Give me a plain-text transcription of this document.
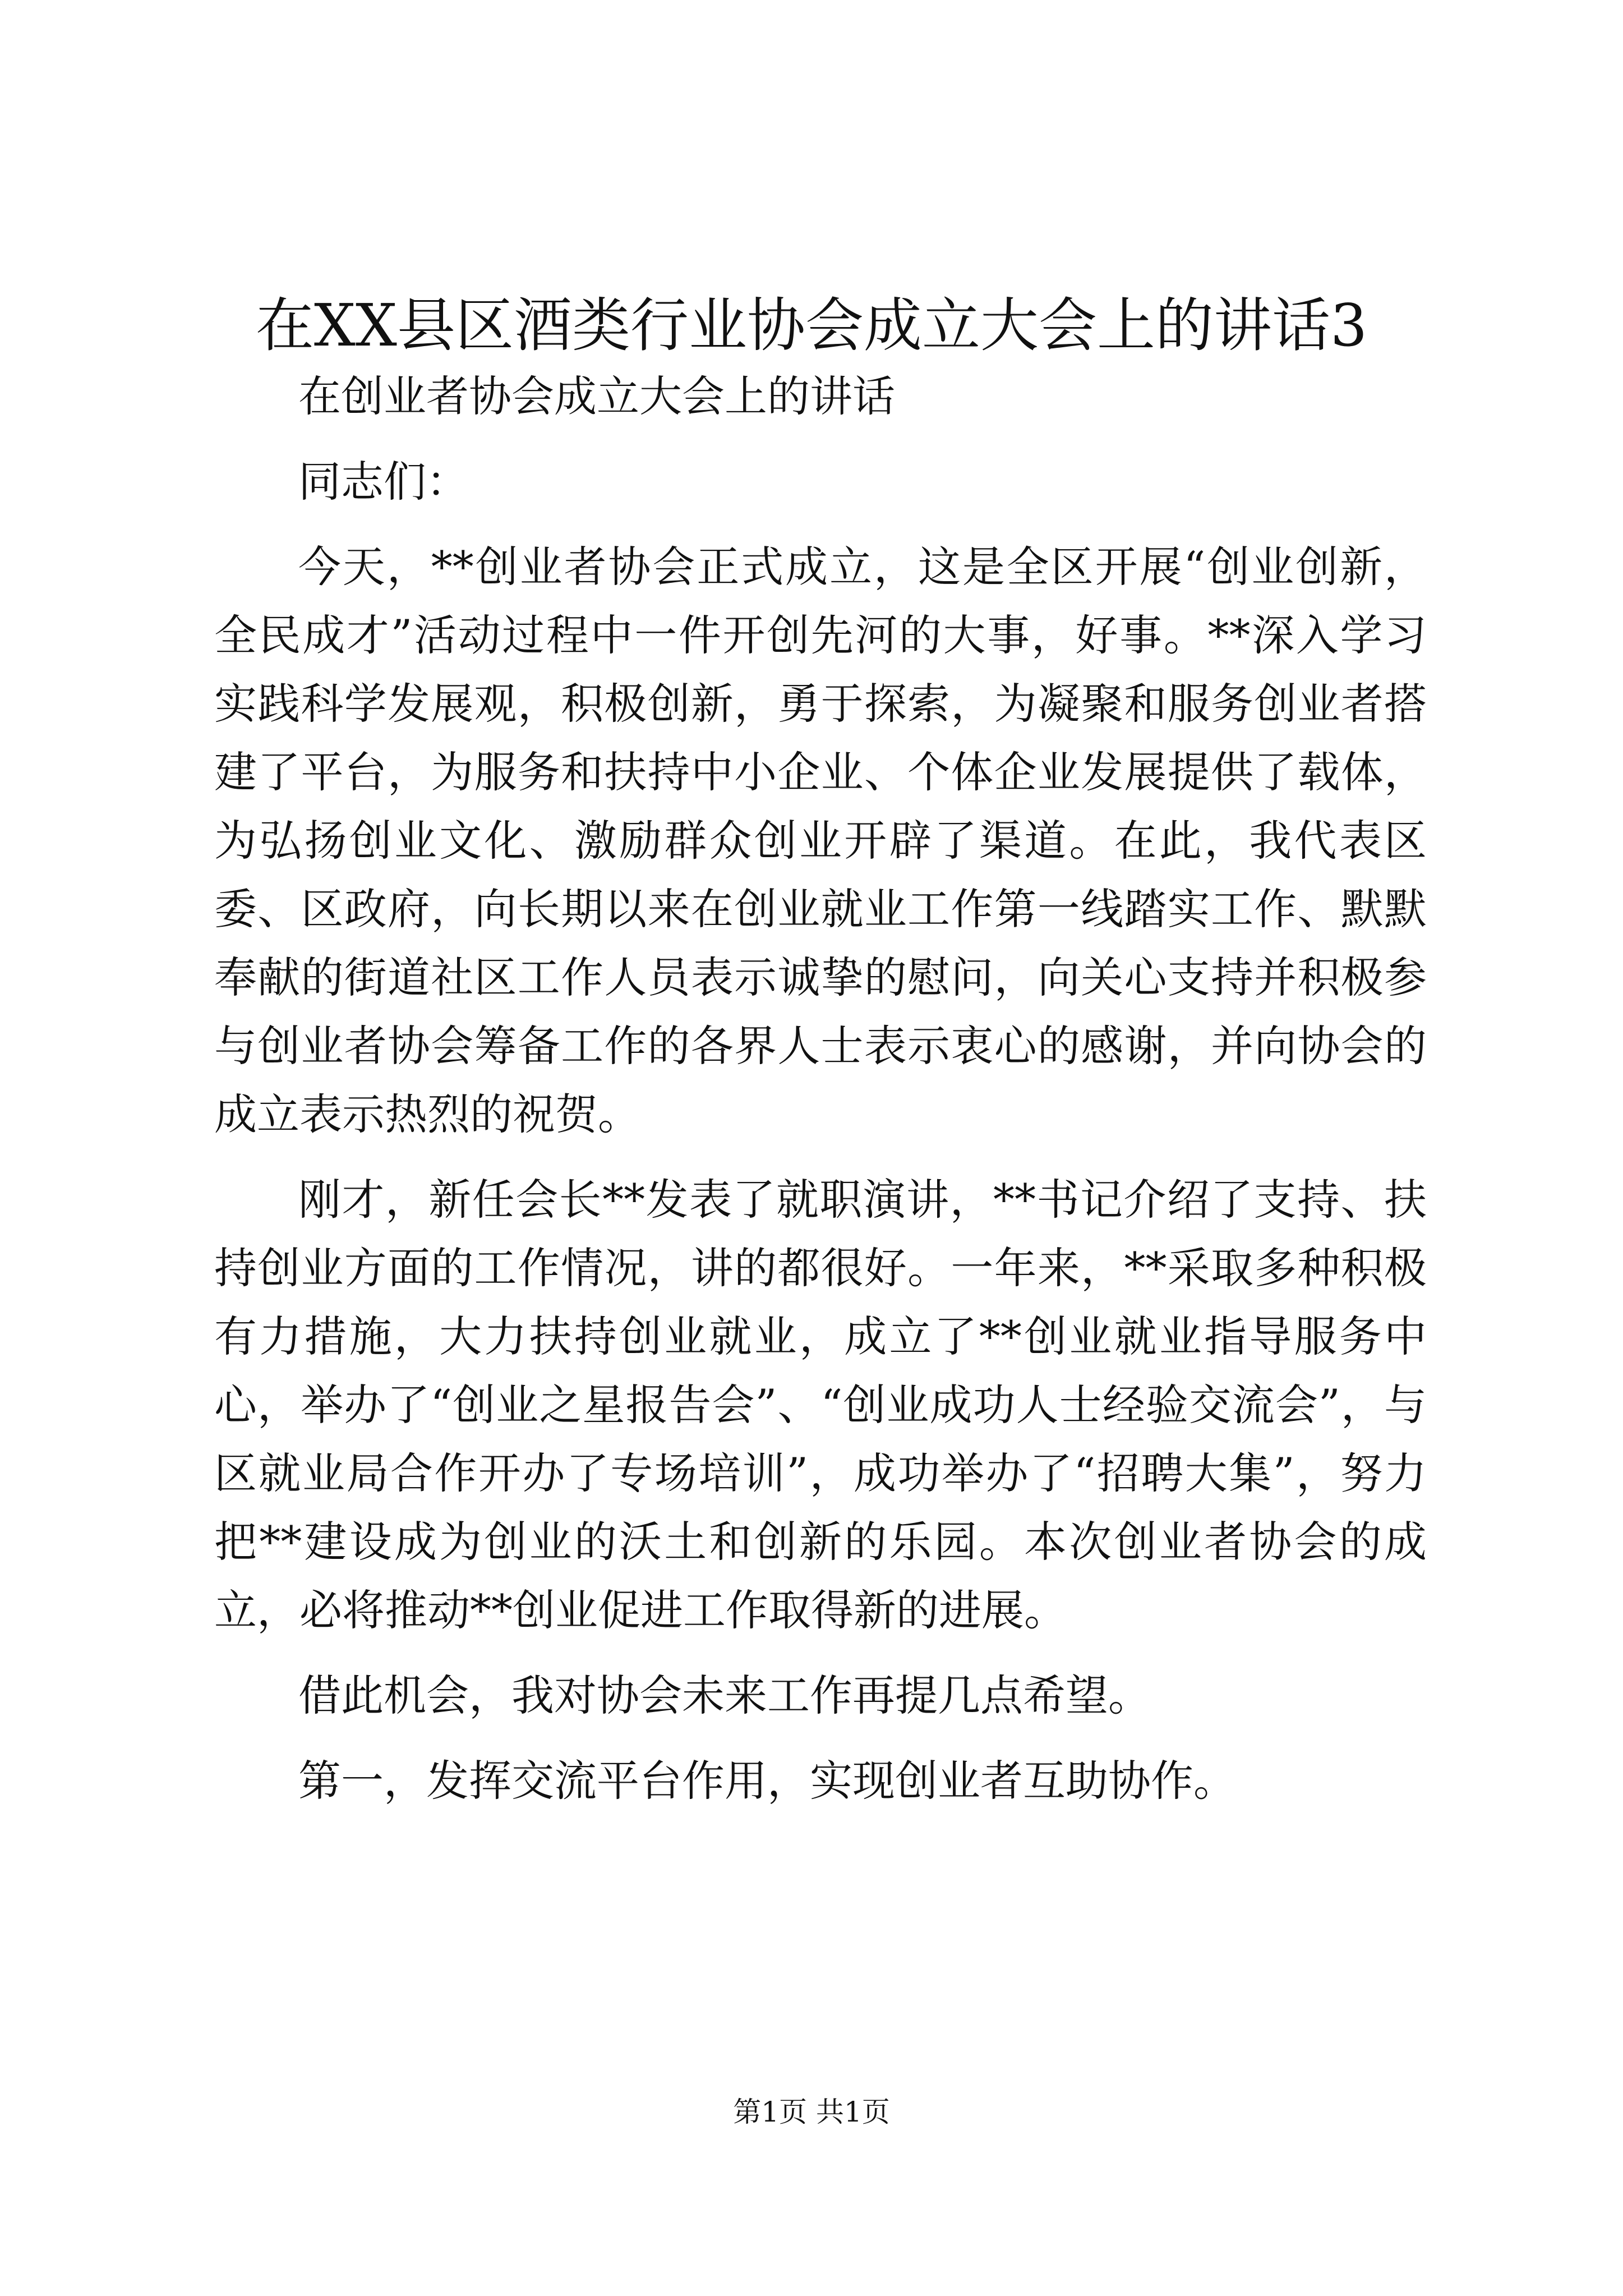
在XX县区酒类行业协会成立大会上的讲话3

在创业者协会成立大会上的讲话

同志们：

今天，**创业者协会正式成立，这是全区开展“创业创新，全民成才”活动过程中一件开创先河的大事，好事。**深入学习实践科学发展观，积极创新，勇于探索，为凝聚和服务创业者搭建了平台，为服务和扶持中小企业、个体企业发展提供了载体，为弘扬创业文化、激励群众创业开辟了渠道。在此，我代表区委、区政府，向长期以来在创业就业工作第一线踏实工作、默默奉献的街道社区工作人员表示诚挚的慰问，向关心支持并积极参与创业者协会筹备工作的各界人士表示衷心的感谢，并向协会的成立表示热烈的祝贺。

刚才，新任会长**发表了就职演讲，**书记介绍了支持、扶持创业方面的工作情况，讲的都很好。一年来，**采取多种积极有力措施，大力扶持创业就业，成立了**创业就业指导服务中心，举办了“创业之星报告会”、“创业成功人士经验交流会”，与区就业局合作开办了专场培训”，成功举办了“招聘大集”，努力把**建设成为创业的沃土和创新的乐园。本次创业者协会的成立，必将推动**创业促进工作取得新的进展。

借此机会，我对协会未来工作再提几点希望。

第一，发挥交流平台作用，实现创业者互助协作。

第1页 共1页
